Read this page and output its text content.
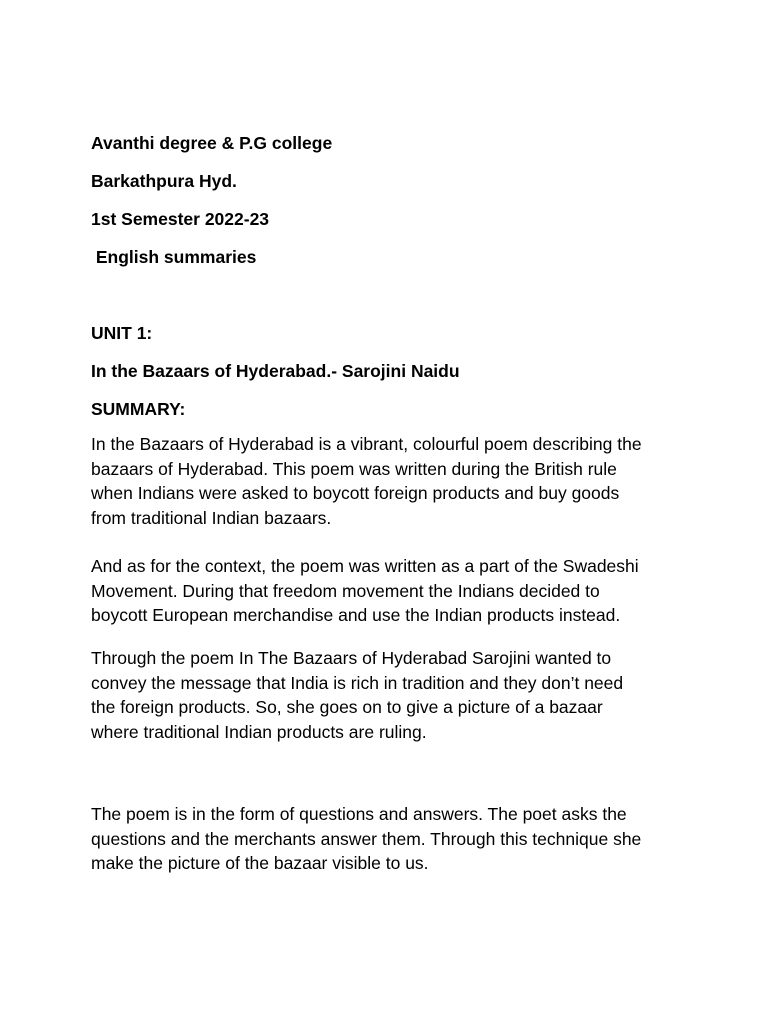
Avanthi degree & P.G college
Barkathpura Hyd.
1st Semester 2022-23
English summaries
UNIT 1:
In the Bazaars of Hyderabad.- Sarojini Naidu
SUMMARY:
In the Bazaars of Hyderabad is a vibrant, colourful poem describing the
bazaars of Hyderabad. This poem was written during the British rule
when Indians were asked to boycott foreign products and buy goods
from traditional Indian bazaars.
And as for the context, the poem was written as a part of the Swadeshi
Movement. During that freedom movement the Indians decided to
boycott European merchandise and use the Indian products instead.
Through the poem In The Bazaars of Hyderabad Sarojini wanted to
convey the message that India is rich in tradition and they don’t need
the foreign products. So, she goes on to give a picture of a bazaar
where traditional Indian products are ruling.
The poem is in the form of questions and answers. The poet asks the
questions and the merchants answer them. Through this technique she
make the picture of the bazaar visible to us.
